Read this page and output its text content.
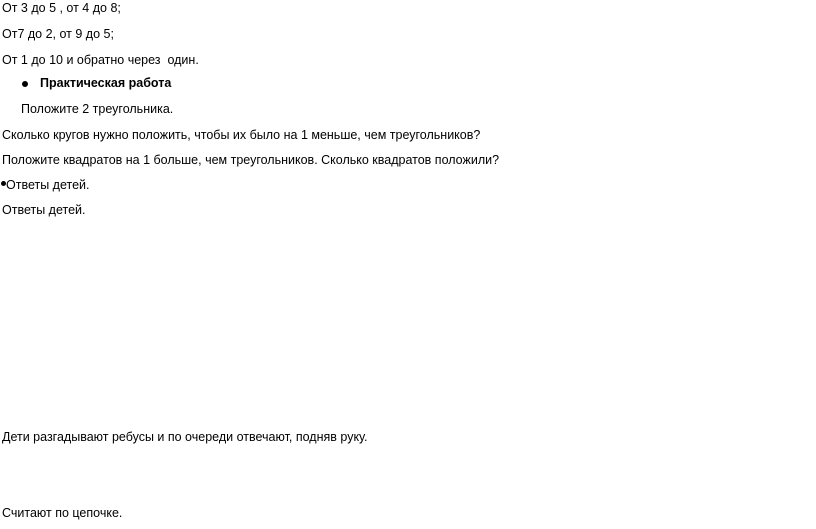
От 3 до 5 , от 4 до 8;
От7 до 2, от 9 до 5;
От 1 до 10 и обратно через  один.
Практическая работа
Положите 2 треугольника.
Сколько кругов нужно положить, чтобы их было на 1 меньше, чем треугольников?
Положите квадратов на 1 больше, чем треугольников. Сколько квадратов положили?
Ответы детей.
Ответы детей.
Дети разгадывают ребусы и по очереди отвечают, подняв руку.
Считают по цепочке.
